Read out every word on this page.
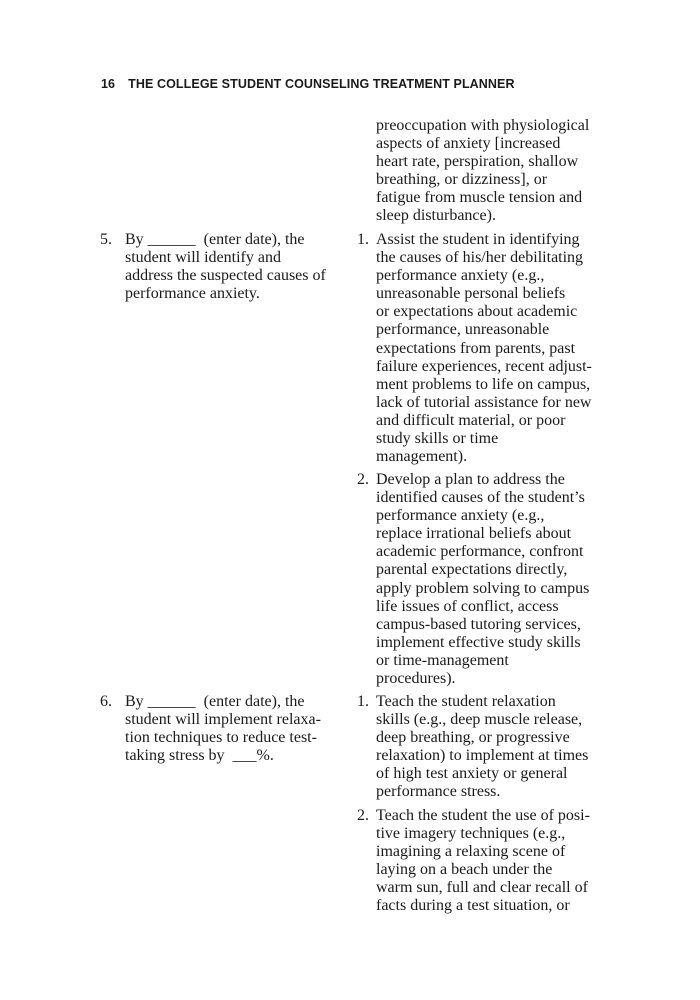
16 THE COLLEGE STUDENT COUNSELING TREATMENT PLANNER
preoccupation with physiological
aspects of anxiety [increased
heart rate, perspiration, shallow
breathing, or dizziness], or
fatigue from muscle tension and
sleep disturbance).
5. By ______  (enter date), the
student will identify and
address the suspected causes of
performance anxiety.
1. Assist the student in identifying
the causes of his/her debilitating
performance anxiety (e.g.,
unreasonable personal beliefs
or expectations about academic
performance, unreasonable
expectations from parents, past
failure experiences, recent adjust-
ment problems to life on campus,
lack of tutorial assistance for new
and difficult material, or poor
study skills or time
management).
2. Develop a plan to address the
identified causes of the student’s
performance anxiety (e.g.,
replace irrational beliefs about
academic performance, confront
parental expectations directly,
apply problem solving to campus
life issues of conflict, access
campus-based tutoring services,
implement effective study skills
or time-management
procedures).
6. By ______  (enter date), the
student will implement relaxa-
tion techniques to reduce test-
taking stress by  ___%.
1. Teach the student relaxation
skills (e.g., deep muscle release,
deep breathing, or progressive
relaxation) to implement at times
of high test anxiety or general
performance stress.
2. Teach the student the use of posi-
tive imagery techniques (e.g.,
imagining a relaxing scene of
laying on a beach under the
warm sun, full and clear recall of
facts during a test situation, or
